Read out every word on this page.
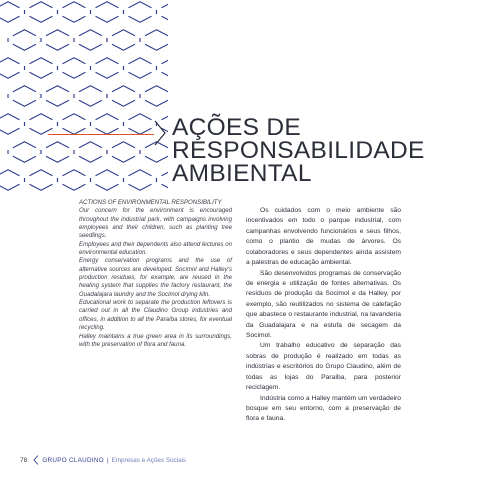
AÇÕES DE
RESPONSABILIDADE
AMBIENTAL
ACTIONS OF ENVIRONMENTAL RESPONSIBILITY
Our concern for the environment is encouraged throughout the industrial park, with campaigns involving employees and their children, such as planting tree seedlings.
Employees and their dependents also attend lectures on environmental education.
Energy conservation programs and the use of alternative sources are developed. Socimol and Halley’s production residues, for example, are reused in the heating system that supplies the factory restaurant, the Guadalajara laundry and the Socimol drying kiln.
Educational work to separate the production leftovers is carried out in all the Claudino Group industries and offices, in addition to all the Paraíba stores, for eventual recycling.
Halley maintains a true green area in its surroundings, with the preservation of flora and fauna.

Os cuidados com o meio ambiente são incentivados em todo o parque industrial, com campanhas envolvendo funcionários e seus filhos, como o plantio de mudas de árvores. Os colaboradores e seus dependentes ainda assistem a palestras de educação ambiental.

São desenvolvidos programas de conservação de energia e utilização de fontes alternativas. Os resíduos de produção da Socimol e da Halley, por exemplo, são reutilizados no sistema de calefação que abastece o restaurante industrial, na lavanderia da Guadalajara e na estufa de secagem da Socimol.

Um trabalho educativo de separação das sobras de produção é realizado em todas as indústrias e escritórios do Grupo Claudino, além de todas as lojas do Paraíba, para posterior reciclagem.

Indústria como a Halley mantém um verdadeiro bosque em seu entorno, com a preservação de flora e fauna.

78 GRUPO CLAUDINO | Empresas e Ações Sociais
